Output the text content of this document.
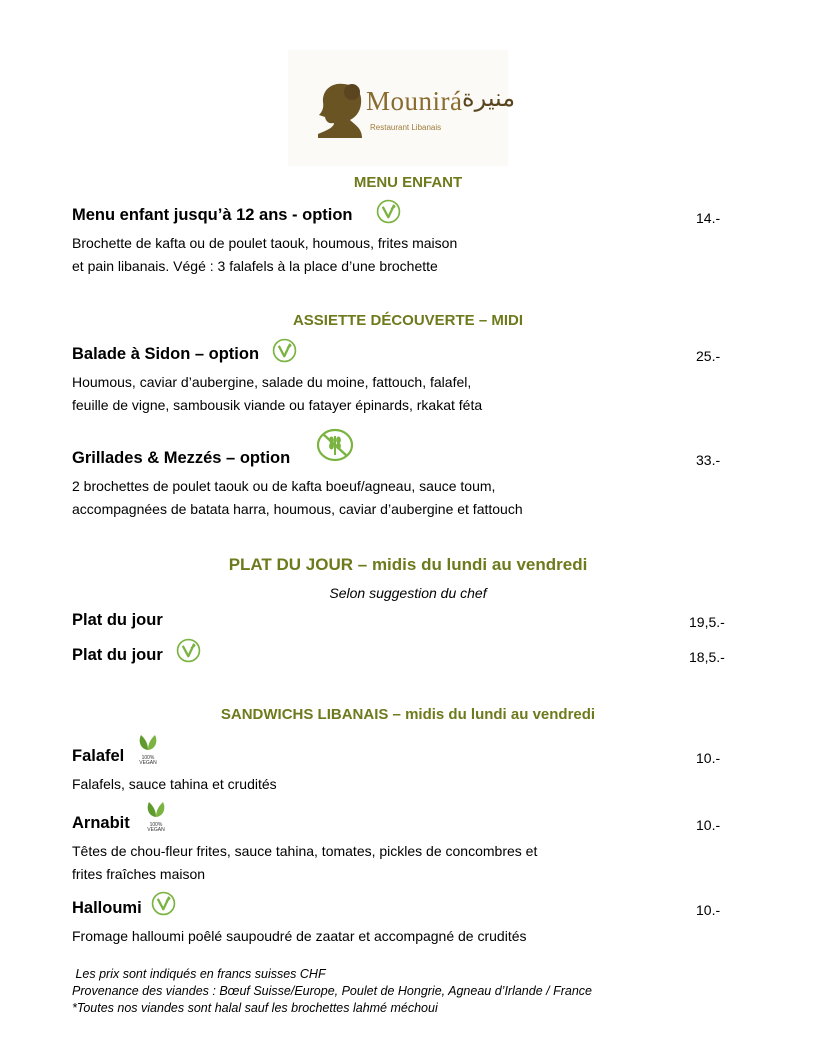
Mounirá
Restaurant Libanais
منيرة
MENU ENFANT
Menu enfant jusqu’à 12 ans - option	14.-
Brochette de kafta ou de poulet taouk, houmous, frites maison
et pain libanais. Végé : 3 falafels à la place d’une brochette
ASSIETTE DÉCOUVERTE – MIDI
Balade à Sidon – option	25.-
Houmous, caviar d’aubergine, salade du moine, fattouch, falafel,
feuille de vigne, sambousik viande ou fatayer épinards, rkakat féta
Grillades & Mezzés – option	33.-
2 brochettes de poulet taouk ou de kafta boeuf/agneau, sauce toum,
accompagnées de batata harra, houmous, caviar d’aubergine et fattouch
PLAT DU JOUR – midis du lundi au vendredi
Selon suggestion du chef
Plat du jour	19,5.-
Plat du jour	18,5.-
SANDWICHS LIBANAIS – midis du lundi au vendredi
Falafel	100% VEGAN	10.-
Falafels, sauce tahina et crudités
Arnabit	100% VEGAN	10.-
Têtes de chou-fleur frites, sauce tahina, tomates, pickles de concombres et
frites fraîches maison
Halloumi	10.-
Fromage halloumi poêlé saupoudré de zaatar et accompagné de crudités
Les prix sont indiqués en francs suisses CHF
Provenance des viandes : Bœuf Suisse/Europe, Poulet de Hongrie, Agneau d’Irlande / France
*Toutes nos viandes sont halal sauf les brochettes lahmé méchoui
